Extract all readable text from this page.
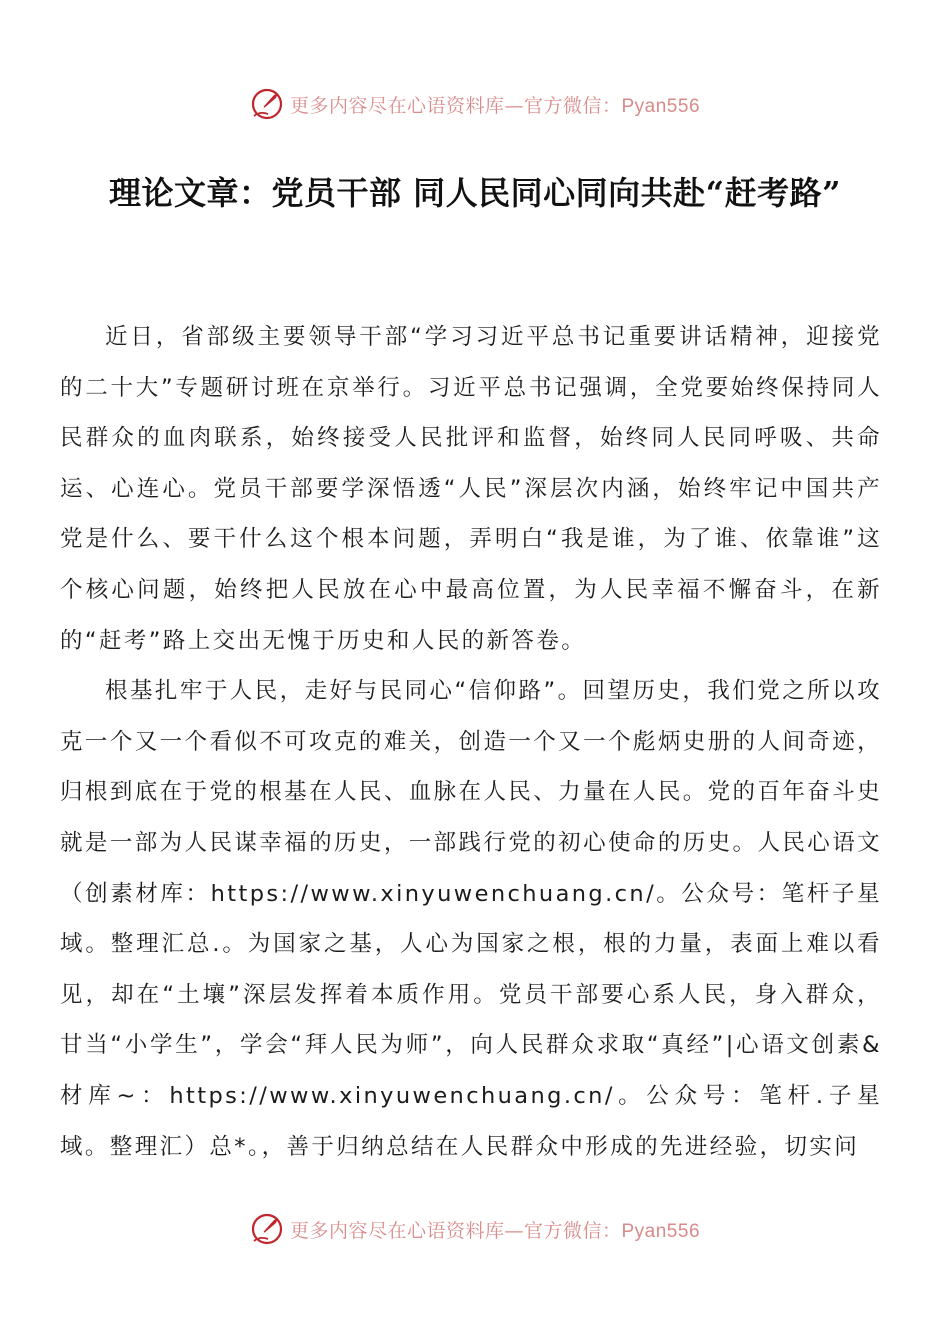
更多内容尽在心语资料库—官方微信：Pyan556
理论文章：党员干部 同人民同心同向共赴“赶考路”

近日，省部级主要领导干部“学习习近平总书记重要讲话精神，迎接党的二十大”专题研讨班在京举行。习近平总书记强调，全党要始终保持同人民群众的血肉联系，始终接受人民批评和监督，始终同人民同呼吸、共命运、心连心。党员干部要学深悟透“人民”深层次内涵，始终牢记中国共产党是什么、要干什么这个根本问题，弄明白“我是谁，为了谁、依靠谁”这个核心问题，始终把人民放在心中最高位置，为人民幸福不懈奋斗，在新的“赶考”路上交出无愧于历史和人民的新答卷。

根基扎牢于人民，走好与民同心“信仰路”。回望历史，我们党之所以攻克一个又一个看似不可攻克的难关，创造一个又一个彪炳史册的人间奇迹，归根到底在于党的根基在人民、血脉在人民、力量在人民。党的百年奋斗史就是一部为人民谋幸福的历史，一部践行党的初心使命的历史。人民心语文（创素材库：https://www.xinyuwenchuang.cn/。公众号：笔杆子星域。整理汇总.。为国家之基，人心为国家之根，根的力量，表面上难以看见，却在“土壤”深层发挥着本质作用。党员干部要心系人民，身入群众，甘当“小学生”，学会“拜人民为师”，向人民群众求取“真经”|心语文创素&材库~：https://www.xinyuwenchuang.cn/。公众号：笔杆.子星域。整理汇）总*。，善于归纳总结在人民群众中形成的先进经验，切实问

更多内容尽在心语资料库—官方微信：Pyan556
